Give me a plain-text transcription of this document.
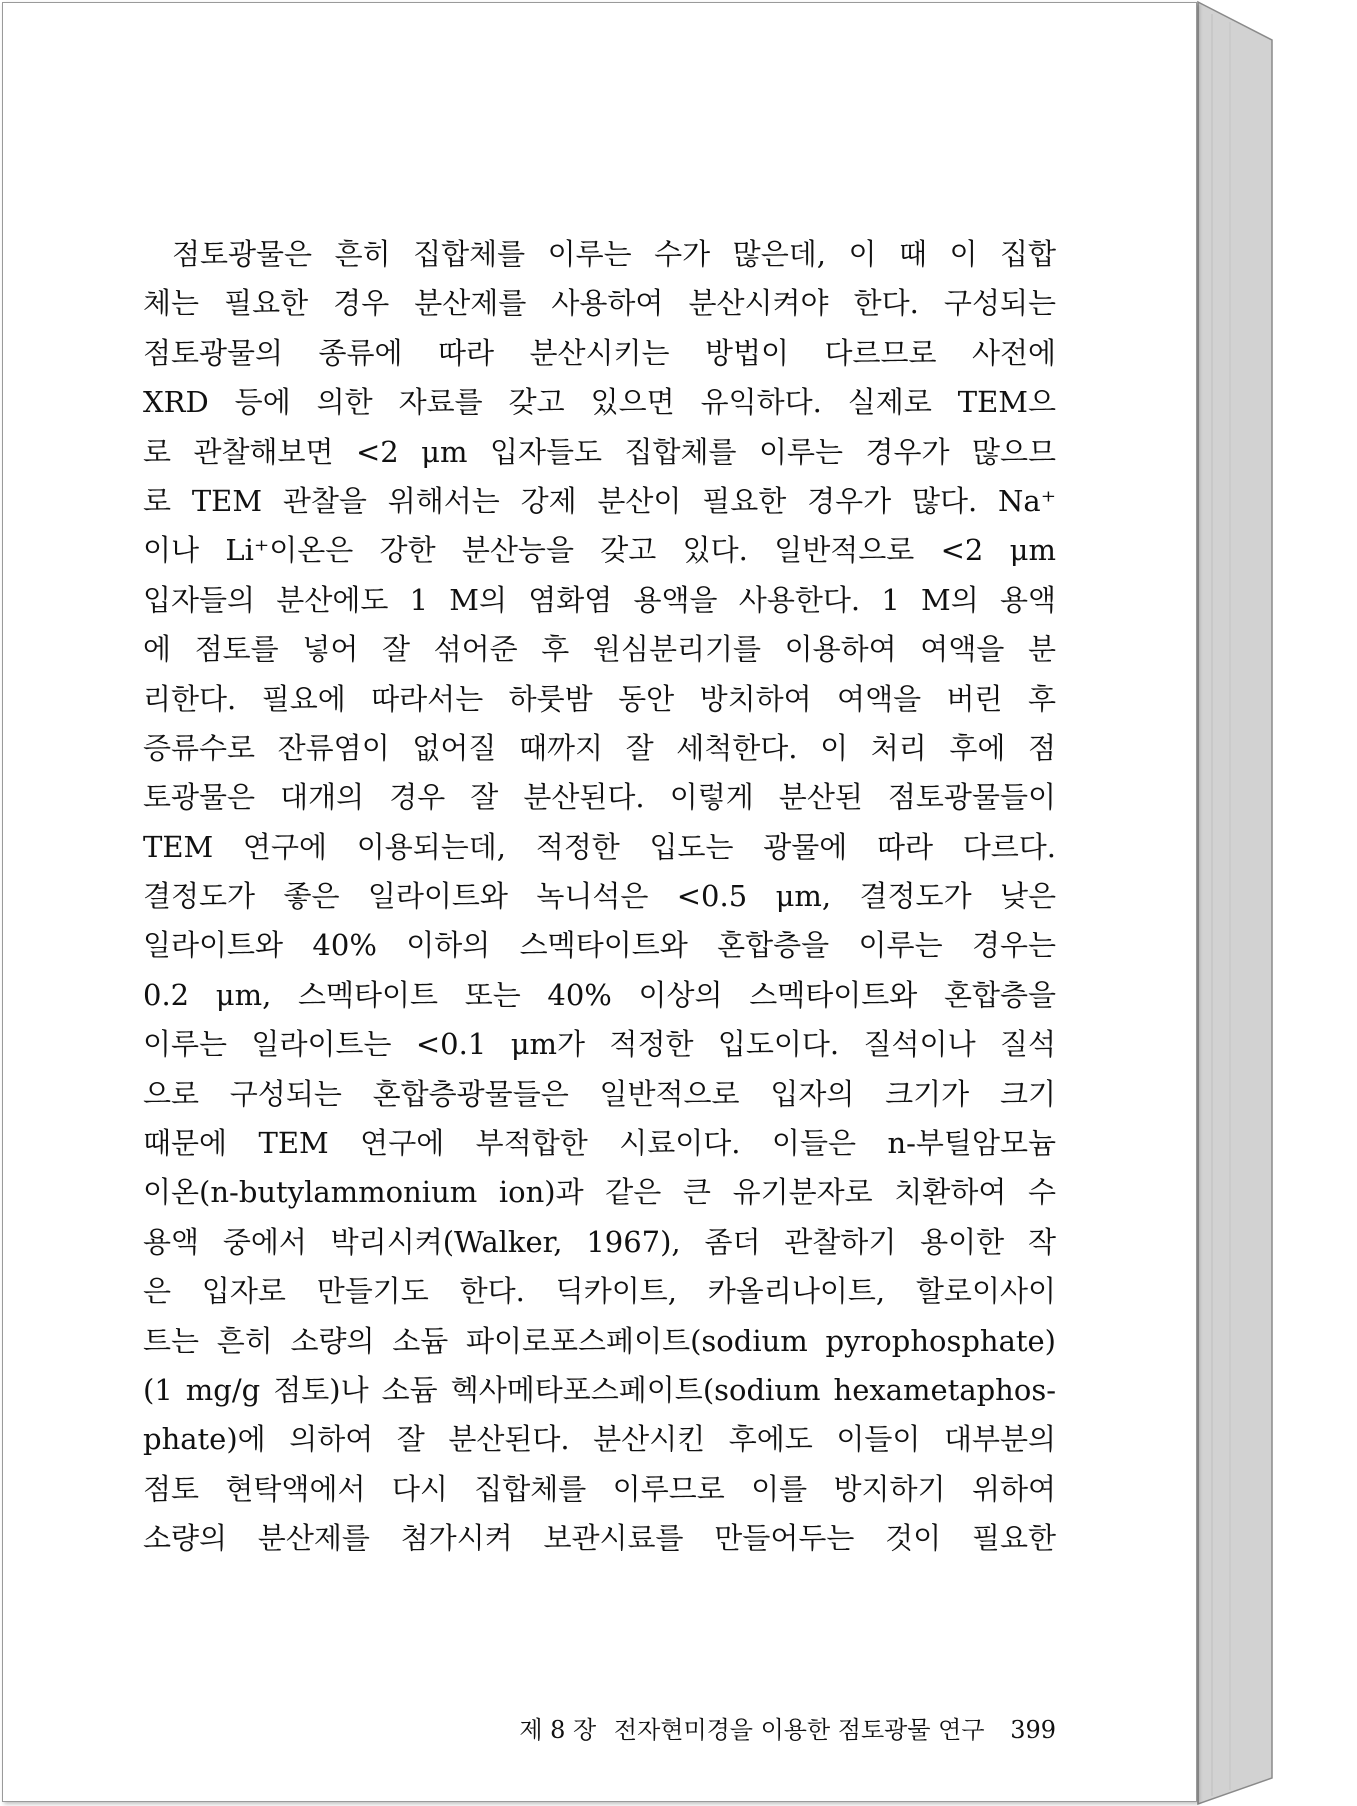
점토광물은 흔히 집합체를 이루는 수가 많은데, 이 때 이 집합
체는 필요한 경우 분산제를 사용하여 분산시켜야 한다. 구성되는
점토광물의 종류에 따라 분산시키는 방법이 다르므로 사전에
XRD 등에 의한 자료를 갖고 있으면 유익하다. 실제로 TEM으
로 관찰해보면 <2 μm 입자들도 집합체를 이루는 경우가 많으므
로 TEM 관찰을 위해서는 강제 분산이 필요한 경우가 많다. Na⁺
이나 Li⁺이온은 강한 분산능을 갖고 있다. 일반적으로 <2 μm
입자들의 분산에도 1 M의 염화염 용액을 사용한다. 1 M의 용액
에 점토를 넣어 잘 섞어준 후 원심분리기를 이용하여 여액을 분
리한다. 필요에 따라서는 하룻밤 동안 방치하여 여액을 버린 후
증류수로 잔류염이 없어질 때까지 잘 세척한다. 이 처리 후에 점
토광물은 대개의 경우 잘 분산된다. 이렇게 분산된 점토광물들이
TEM 연구에 이용되는데, 적정한 입도는 광물에 따라 다르다.
결정도가 좋은 일라이트와 녹니석은 <0.5 μm, 결정도가 낮은
일라이트와 40% 이하의 스멕타이트와 혼합층을 이루는 경우는
0.2 μm, 스멕타이트 또는 40% 이상의 스멕타이트와 혼합층을
이루는 일라이트는 <0.1 μm가 적정한 입도이다. 질석이나 질석
으로 구성되는 혼합층광물들은 일반적으로 입자의 크기가 크기
때문에 TEM 연구에 부적합한 시료이다. 이들은 n-부틸암모늄
이온(n-butylammonium ion)과 같은 큰 유기분자로 치환하여 수
용액 중에서 박리시켜(Walker, 1967), 좀더 관찰하기 용이한 작
은 입자로 만들기도 한다. 딕카이트, 카올리나이트, 할로이사이
트는 흔히 소량의 소듐 파이로포스페이트(sodium pyrophosphate)
(1 mg/g 점토)나 소듐 헥사메타포스페이트(sodium hexametaphos-
phate)에 의하여 잘 분산된다. 분산시킨 후에도 이들이 대부분의
점토 현탁액에서 다시 집합체를 이루므로 이를 방지하기 위하여
소량의 분산제를 첨가시켜 보관시료를 만들어두는 것이 필요한
제 8 장 전자현미경을 이용한 점토광물 연구 399
